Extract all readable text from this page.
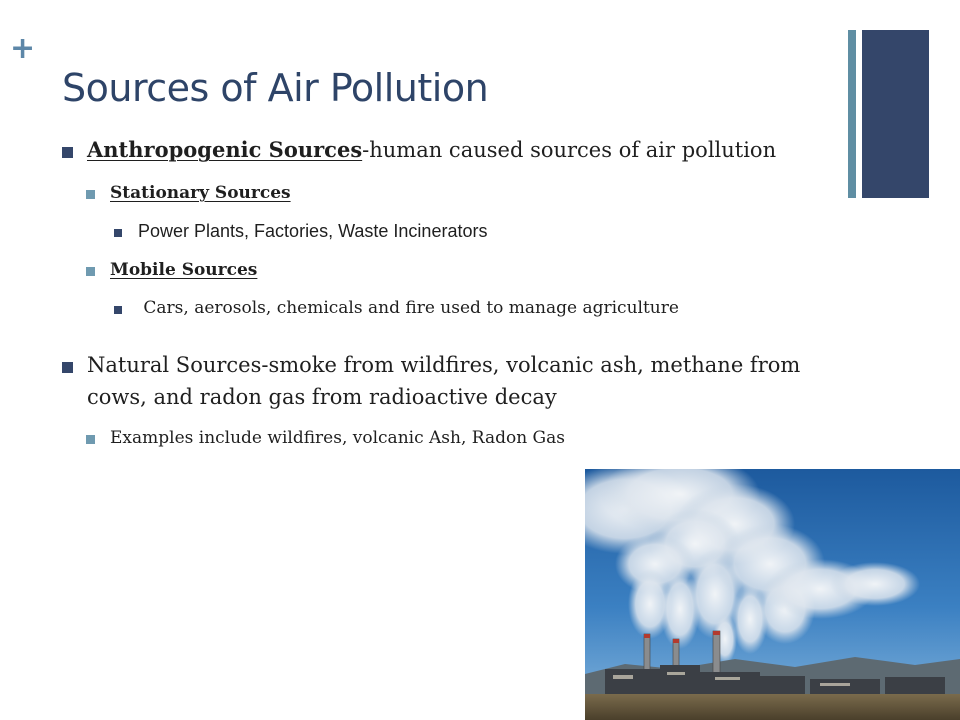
+
Sources of Air Pollution
Anthropogenic Sources-human caused sources of air pollution
Stationary Sources
Power Plants, Factories, Waste Incinerators
Mobile Sources
Cars, aerosols, chemicals and fire used to manage agriculture
Natural Sources-smoke from wildfires, volcanic ash, methane from cows, and radon gas from radioactive decay
Examples include wildfires, volcanic Ash, Radon Gas
